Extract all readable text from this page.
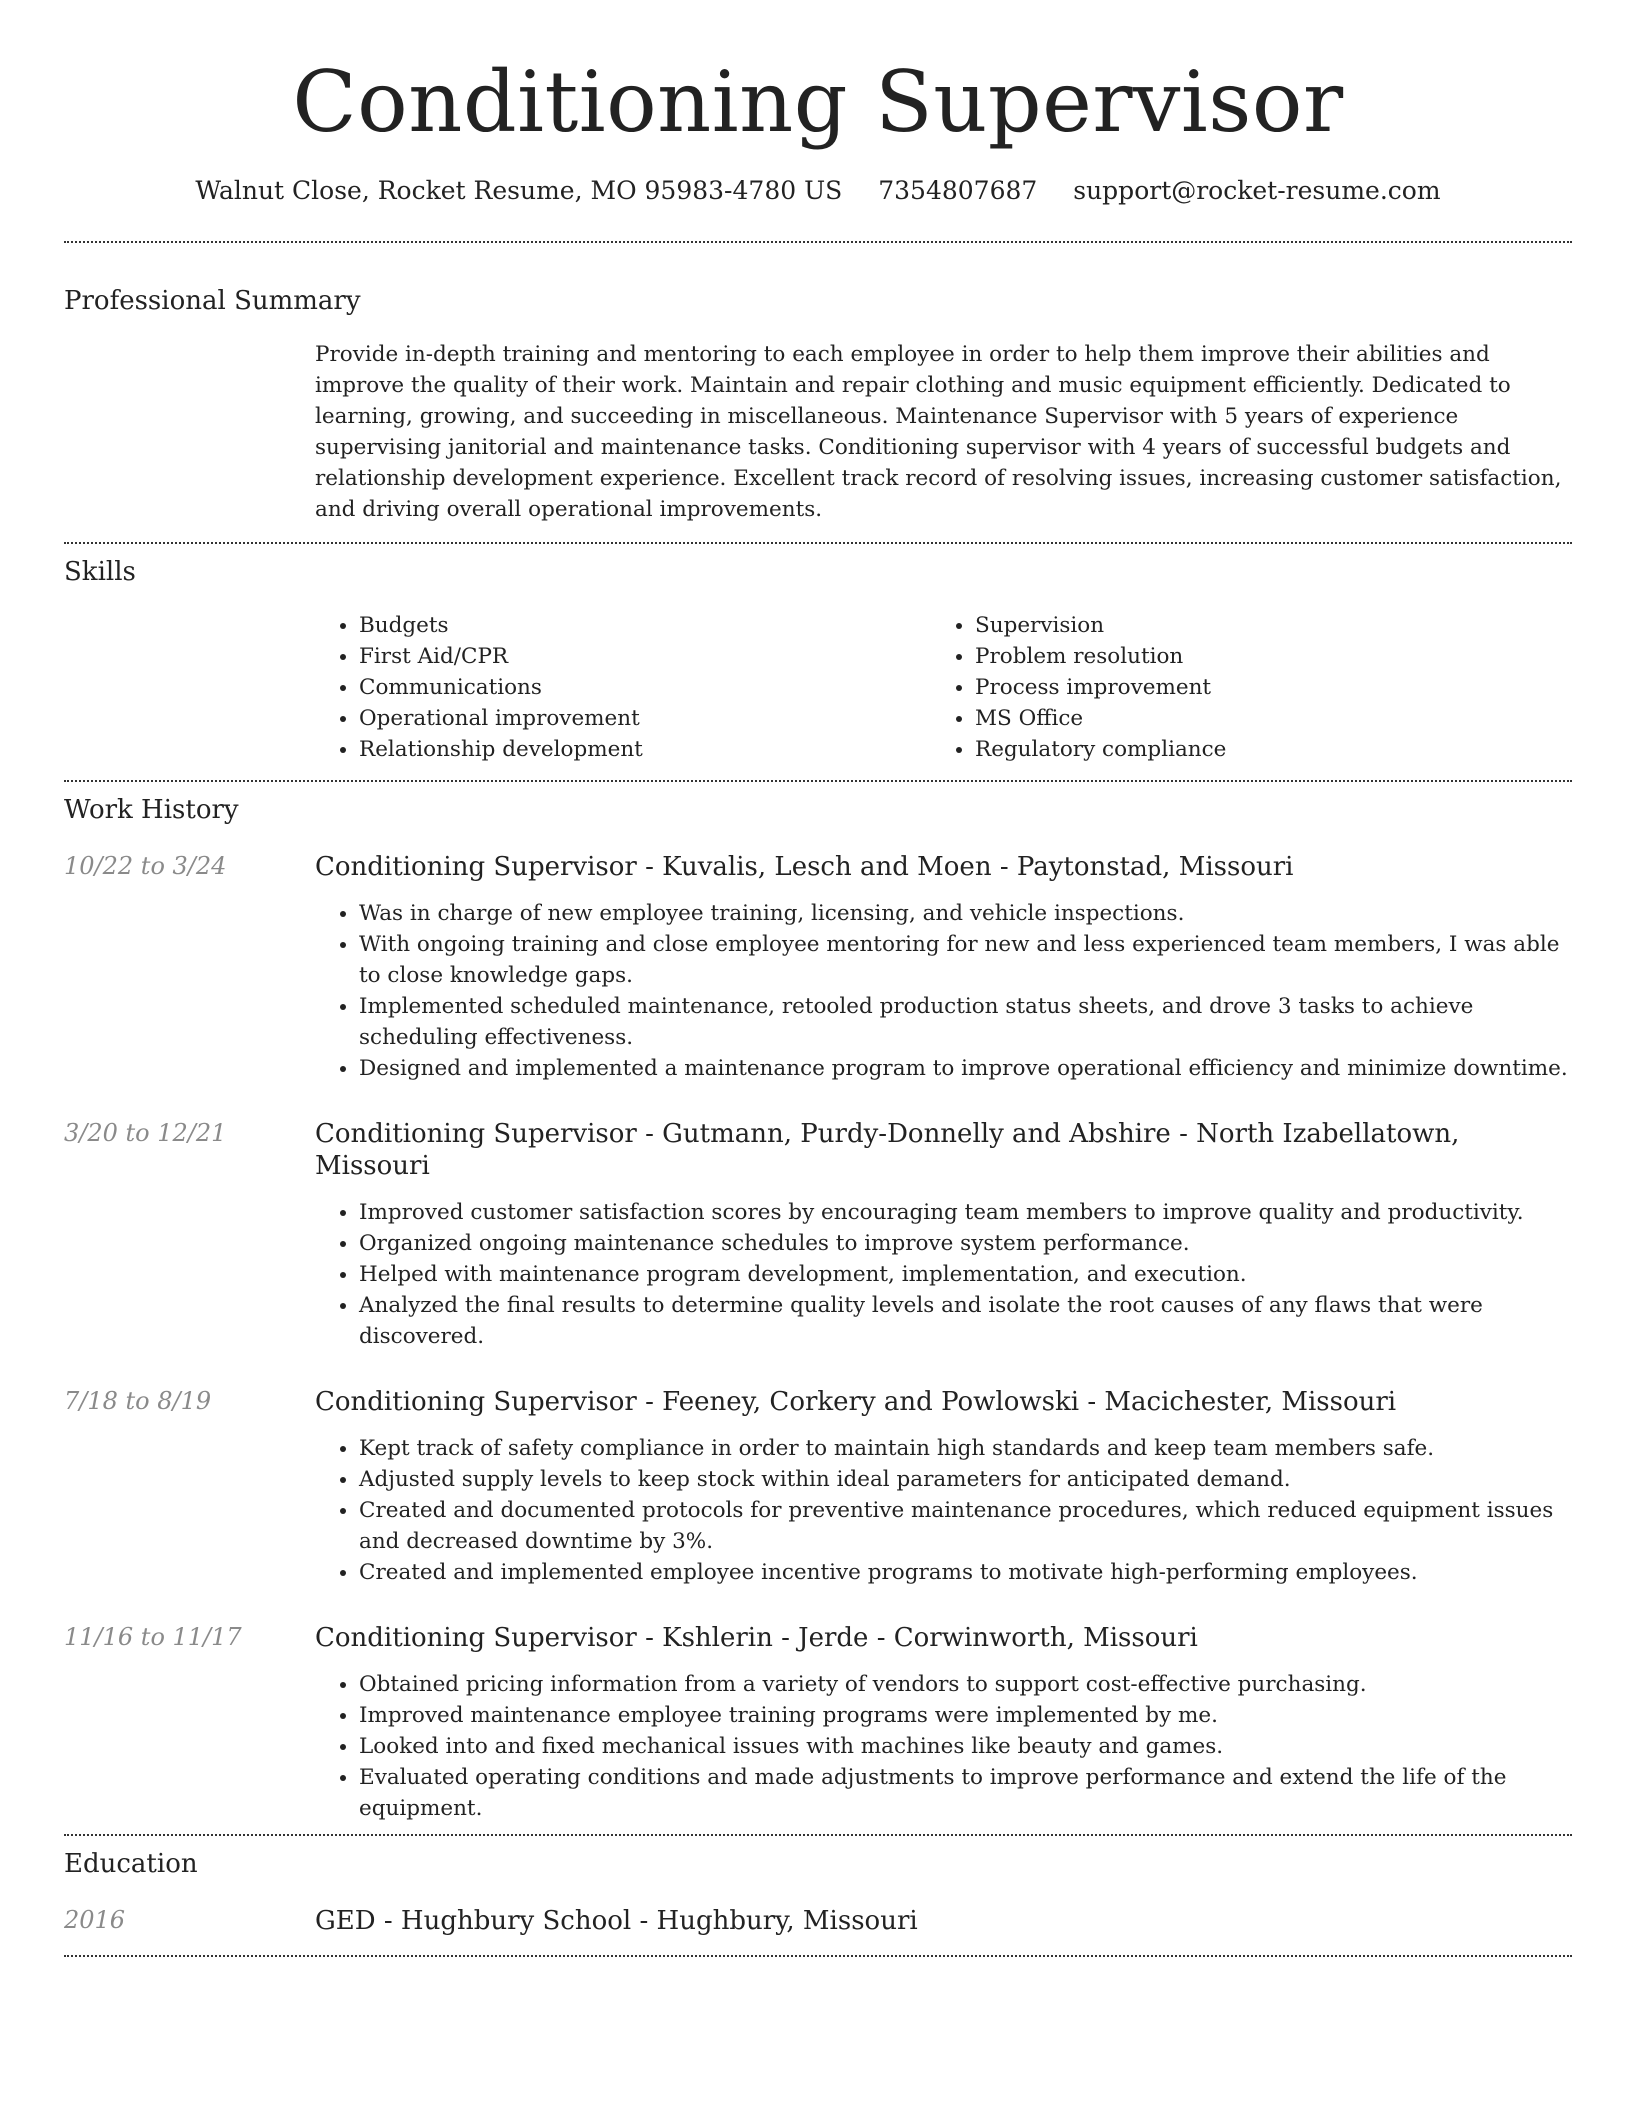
Conditioning Supervisor
Walnut Close, Rocket Resume, MO 95983-4780 US 7354807687 support@rocket-resume.com
Professional Summary
Provide in-depth training and mentoring to each employee in order to help them improve their abilities and improve the quality of their work. Maintain and repair clothing and music equipment efficiently. Dedicated to learning, growing, and succeeding in miscellaneous. Maintenance Supervisor with 5 years of experience supervising janitorial and maintenance tasks. Conditioning supervisor with 4 years of successful budgets and relationship development experience. Excellent track record of resolving issues, increasing customer satisfaction, and driving overall operational improvements.
Skills
• Budgets
• First Aid/CPR
• Communications
• Operational improvement
• Relationship development
• Supervision
• Problem resolution
• Process improvement
• MS Office
• Regulatory compliance
Work History
10/22 to 3/24	Conditioning Supervisor - Kuvalis, Lesch and Moen - Paytonstad, Missouri
• Was in charge of new employee training, licensing, and vehicle inspections.
• With ongoing training and close employee mentoring for new and less experienced team members, I was able to close knowledge gaps.
• Implemented scheduled maintenance, retooled production status sheets, and drove 3 tasks to achieve scheduling effectiveness.
• Designed and implemented a maintenance program to improve operational efficiency and minimize downtime.
3/20 to 12/21	Conditioning Supervisor - Gutmann, Purdy-Donnelly and Abshire - North Izabellatown, Missouri
• Improved customer satisfaction scores by encouraging team members to improve quality and productivity.
• Organized ongoing maintenance schedules to improve system performance.
• Helped with maintenance program development, implementation, and execution.
• Analyzed the final results to determine quality levels and isolate the root causes of any flaws that were discovered.
7/18 to 8/19	Conditioning Supervisor - Feeney, Corkery and Powlowski - Macichester, Missouri
• Kept track of safety compliance in order to maintain high standards and keep team members safe.
• Adjusted supply levels to keep stock within ideal parameters for anticipated demand.
• Created and documented protocols for preventive maintenance procedures, which reduced equipment issues and decreased downtime by 3%.
• Created and implemented employee incentive programs to motivate high-performing employees.
11/16 to 11/17	Conditioning Supervisor - Kshlerin - Jerde - Corwinworth, Missouri
• Obtained pricing information from a variety of vendors to support cost-effective purchasing.
• Improved maintenance employee training programs were implemented by me.
• Looked into and fixed mechanical issues with machines like beauty and games.
• Evaluated operating conditions and made adjustments to improve performance and extend the life of the equipment.
Education
2016	GED - Hughbury School - Hughbury, Missouri
